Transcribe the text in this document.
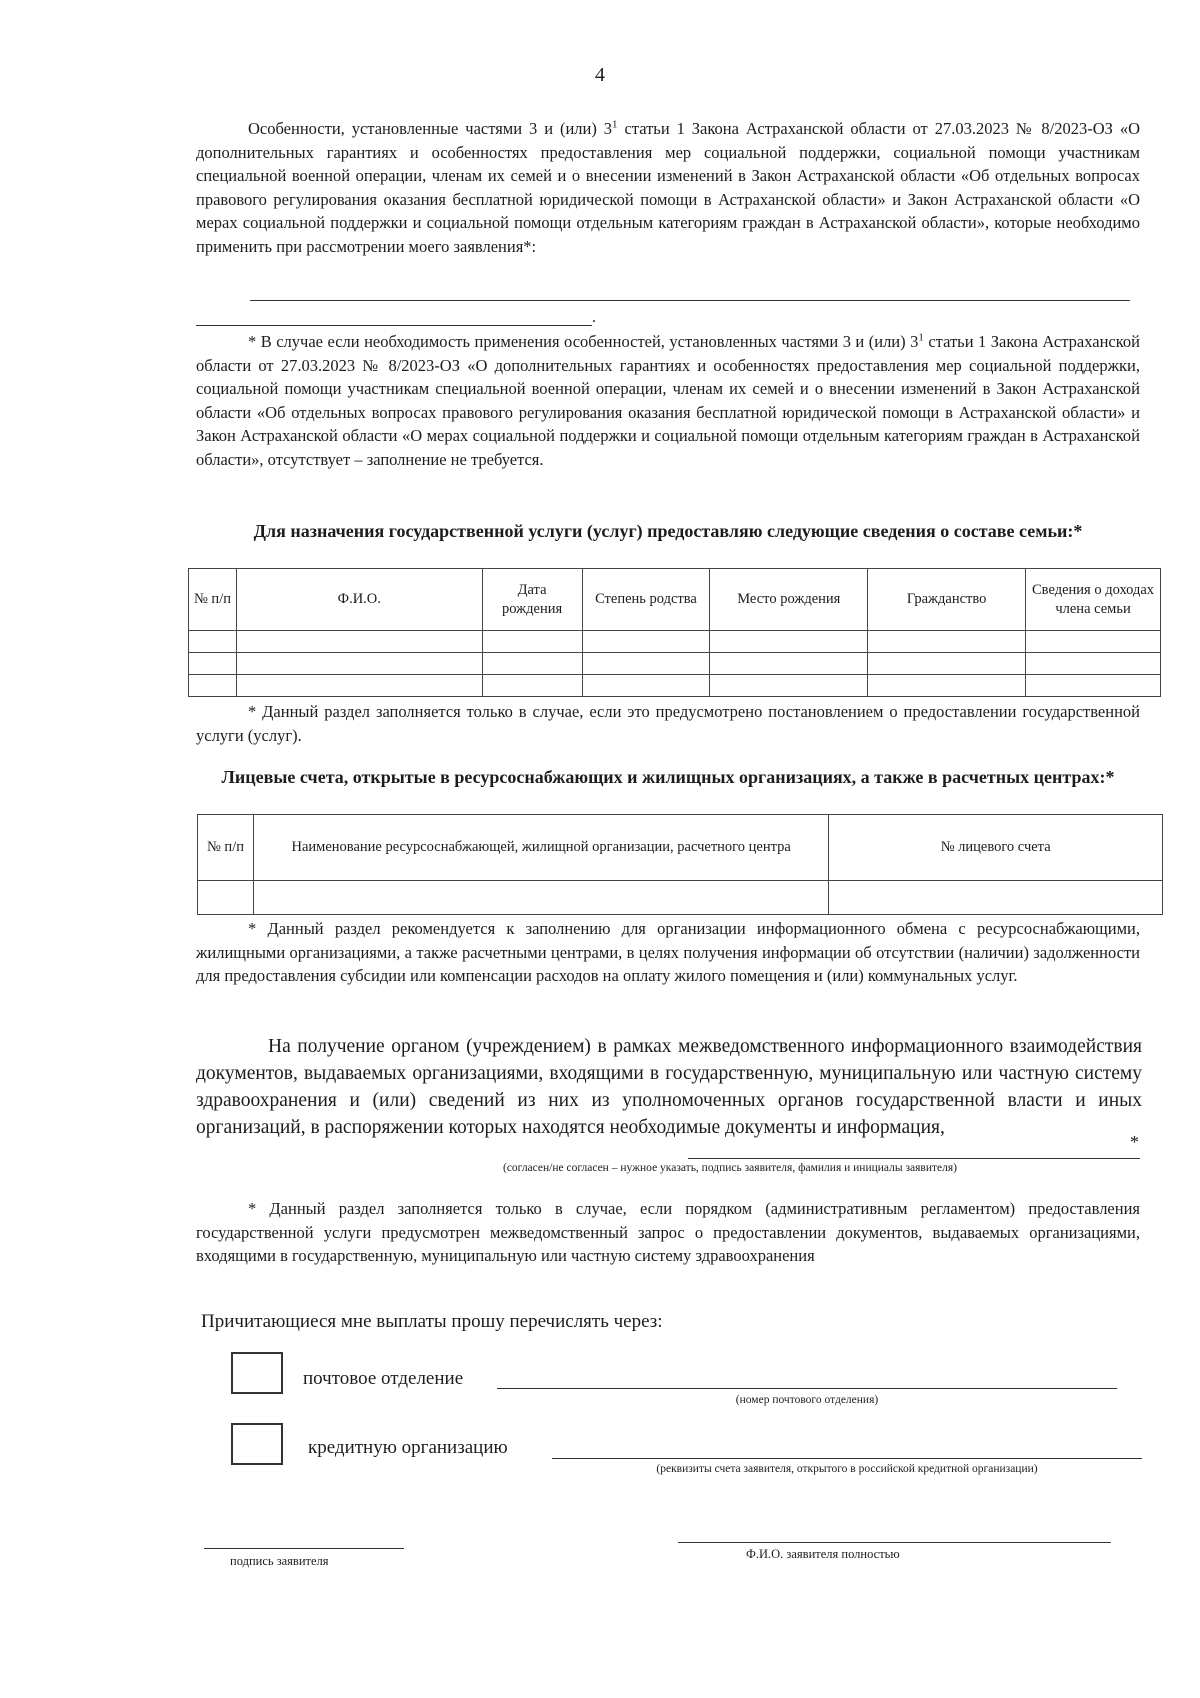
4
Особенности, установленные частями 3 и (или) $3^1$ статьи 1 Закона Астраханской области от 27.03.2023 № 8/2023-ОЗ «О дополнительных гарантиях и особенностях предоставления мер социальной поддержки, социальной помощи участникам специальной военной операции, членам их семей и о внесении изменений в Закон Астраханской области «Об отдельных вопросах правового регулирования оказания бесплатной юридической помощи в Астраханской области» и Закон Астраханской области «О мерах социальной поддержки и социальной помощи отдельным категориям граждан в Астраханской области», которые необходимо применить при рассмотрении моего заявления*:
.
* В случае если необходимость применения особенностей, установленных частями 3 и (или) $3^1$ статьи 1 Закона Астраханской области от 27.03.2023 № 8/2023-ОЗ «О дополнительных гарантиях и особенностях предоставления мер социальной поддержки, социальной помощи участникам специальной военной операции, членам их семей и о внесении изменений в Закон Астраханской области «Об отдельных вопросах правового регулирования оказания бесплатной юридической помощи в Астраханской области» и Закон Астраханской области «О мерах социальной поддержки и социальной помощи отдельным категориям граждан в Астраханской области», отсутствует – заполнение не требуется.
Для назначения государственной услуги (услуг) предоставляю следующие сведения о составе семьи:*
№ п/п	Ф.И.О.	Дата рождения	Степень родства	Место рождения	Гражданство	Сведения о доходах члена семьи

* Данный раздел заполняется только в случае, если это предусмотрено постановлением о предоставлении государственной услуги (услуг).
Лицевые счета, открытые в ресурсоснабжающих и жилищных организациях, а также в расчетных центрах:*
№ п/п	Наименование ресурсоснабжающей, жилищной организации, расчетного центра	№ лицевого счета

* Данный раздел рекомендуется к заполнению для организации информационного обмена с ресурсоснабжающими, жилищными организациями, а также расчетными центрами, в целях получения информации об отсутствии (наличии) задолженности для предоставления субсидии или компенсации расходов на оплату жилого помещения и (или) коммунальных услуг.
На получение органом (учреждением) в рамках межведомственного информационного взаимодействия документов, выдаваемых организациями, входящими в государственную, муниципальную или частную систему здравоохранения и (или) сведений из них из уполномоченных органов государственной власти и иных организаций, в распоряжении которых находятся необходимые документы и информация,
*
(согласен/не согласен – нужное указать, подпись заявителя, фамилия и инициалы заявителя)
* Данный раздел заполняется только в случае, если порядком (административным регламентом) предоставления государственной услуги предусмотрен межведомственный запрос о предоставлении документов, выдаваемых организациями, входящими в государственную, муниципальную или частную систему здравоохранения
Причитающиеся мне выплаты прошу перечислять через:
почтовое отделение
(номер почтового отделения)
кредитную организацию
(реквизиты счета заявителя, открытого в российской кредитной организации)
подпись заявителя	Ф.И.О. заявителя полностью
